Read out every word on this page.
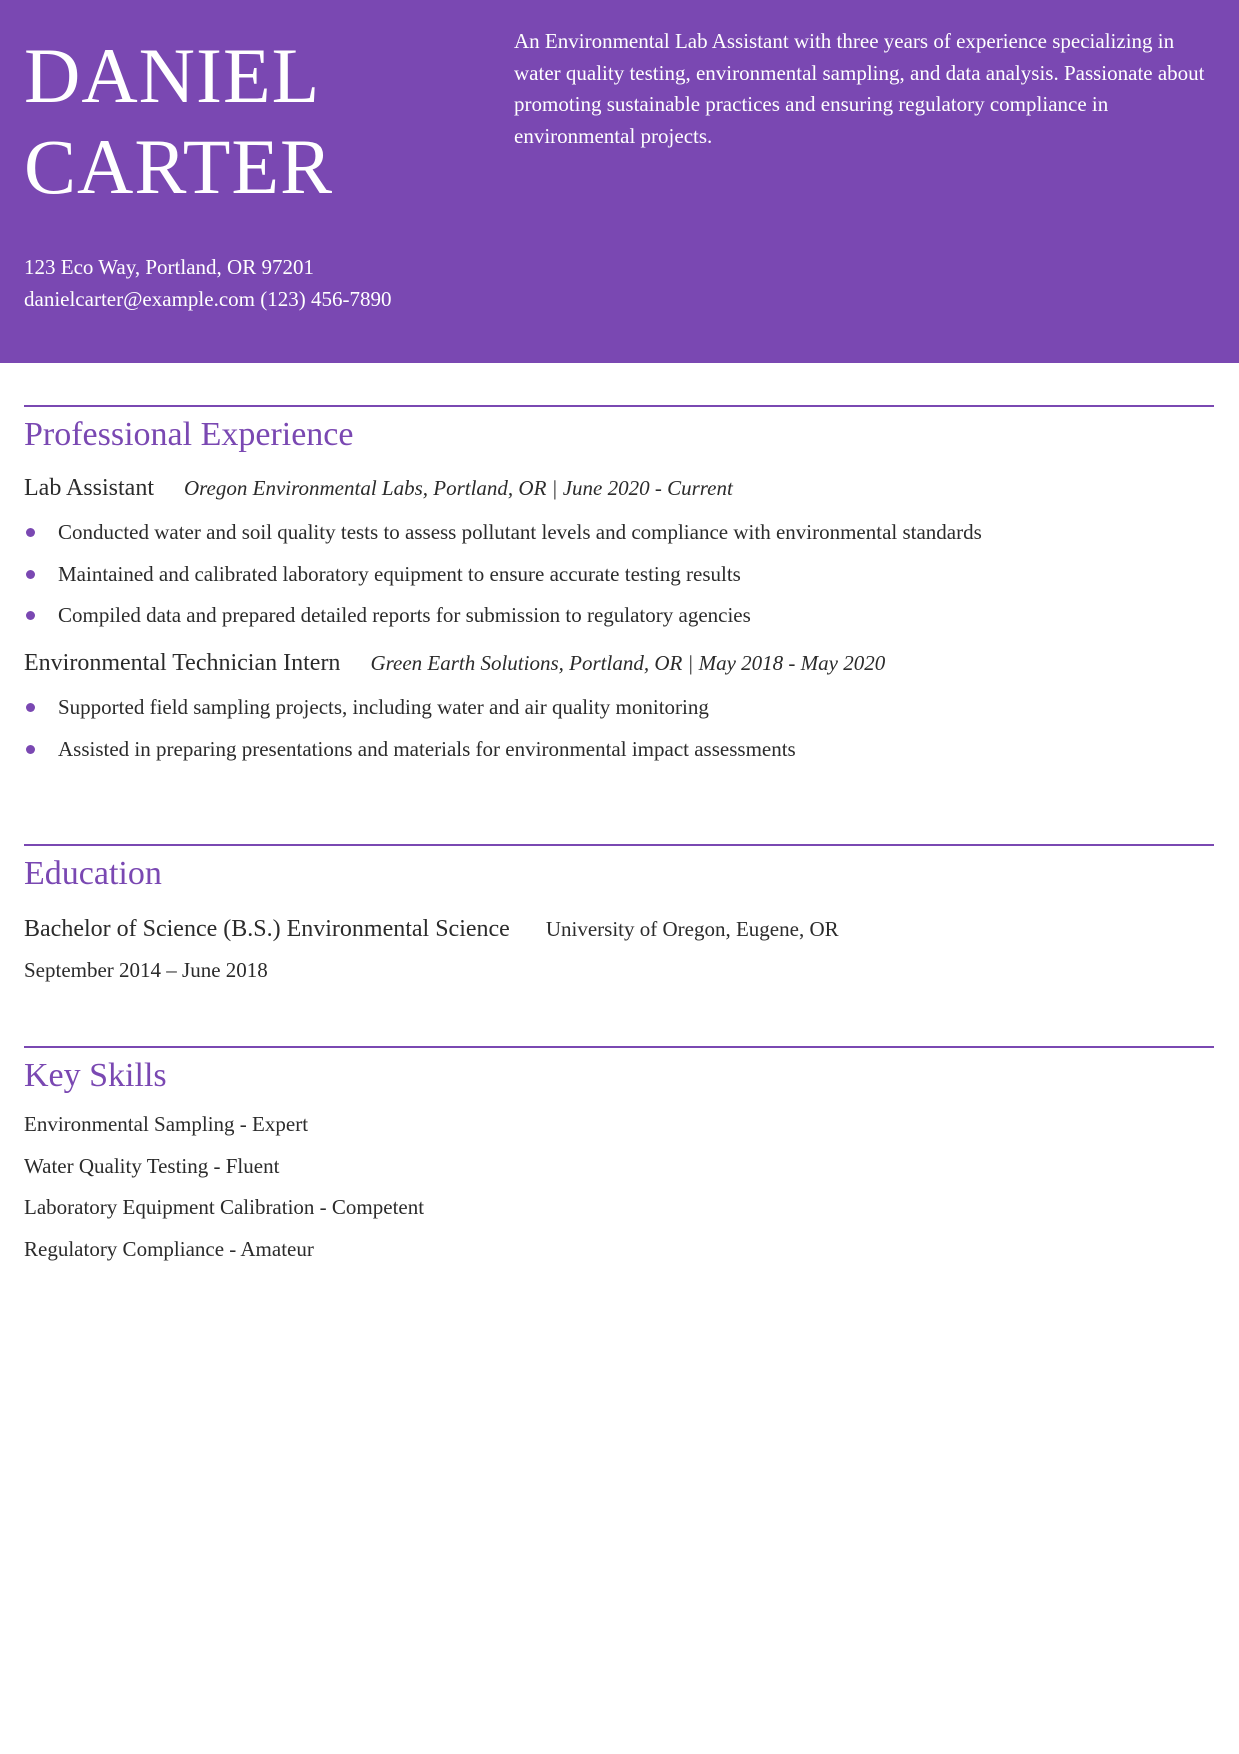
DANIEL
CARTER
123 Eco Way, Portland, OR 97201
danielcarter@example.com (123) 456-7890

An Environmental Lab Assistant with three years of experience specializing in water quality testing, environmental sampling, and data analysis. Passionate about promoting sustainable practices and ensuring regulatory compliance in environmental projects.

Professional Experience
Lab Assistant Oregon Environmental Labs, Portland, OR | June 2020 - Current
Conducted water and soil quality tests to assess pollutant levels and compliance with environmental standards
Maintained and calibrated laboratory equipment to ensure accurate testing results
Compiled data and prepared detailed reports for submission to regulatory agencies
Environmental Technician Intern Green Earth Solutions, Portland, OR | May 2018 - May 2020
Supported field sampling projects, including water and air quality monitoring
Assisted in preparing presentations and materials for environmental impact assessments
Education
Bachelor of Science (B.S.) Environmental Science University of Oregon, Eugene, OR
September 2014 – June 2018
Key Skills
Environmental Sampling - Expert
Water Quality Testing - Fluent
Laboratory Equipment Calibration - Competent
Regulatory Compliance - Amateur
